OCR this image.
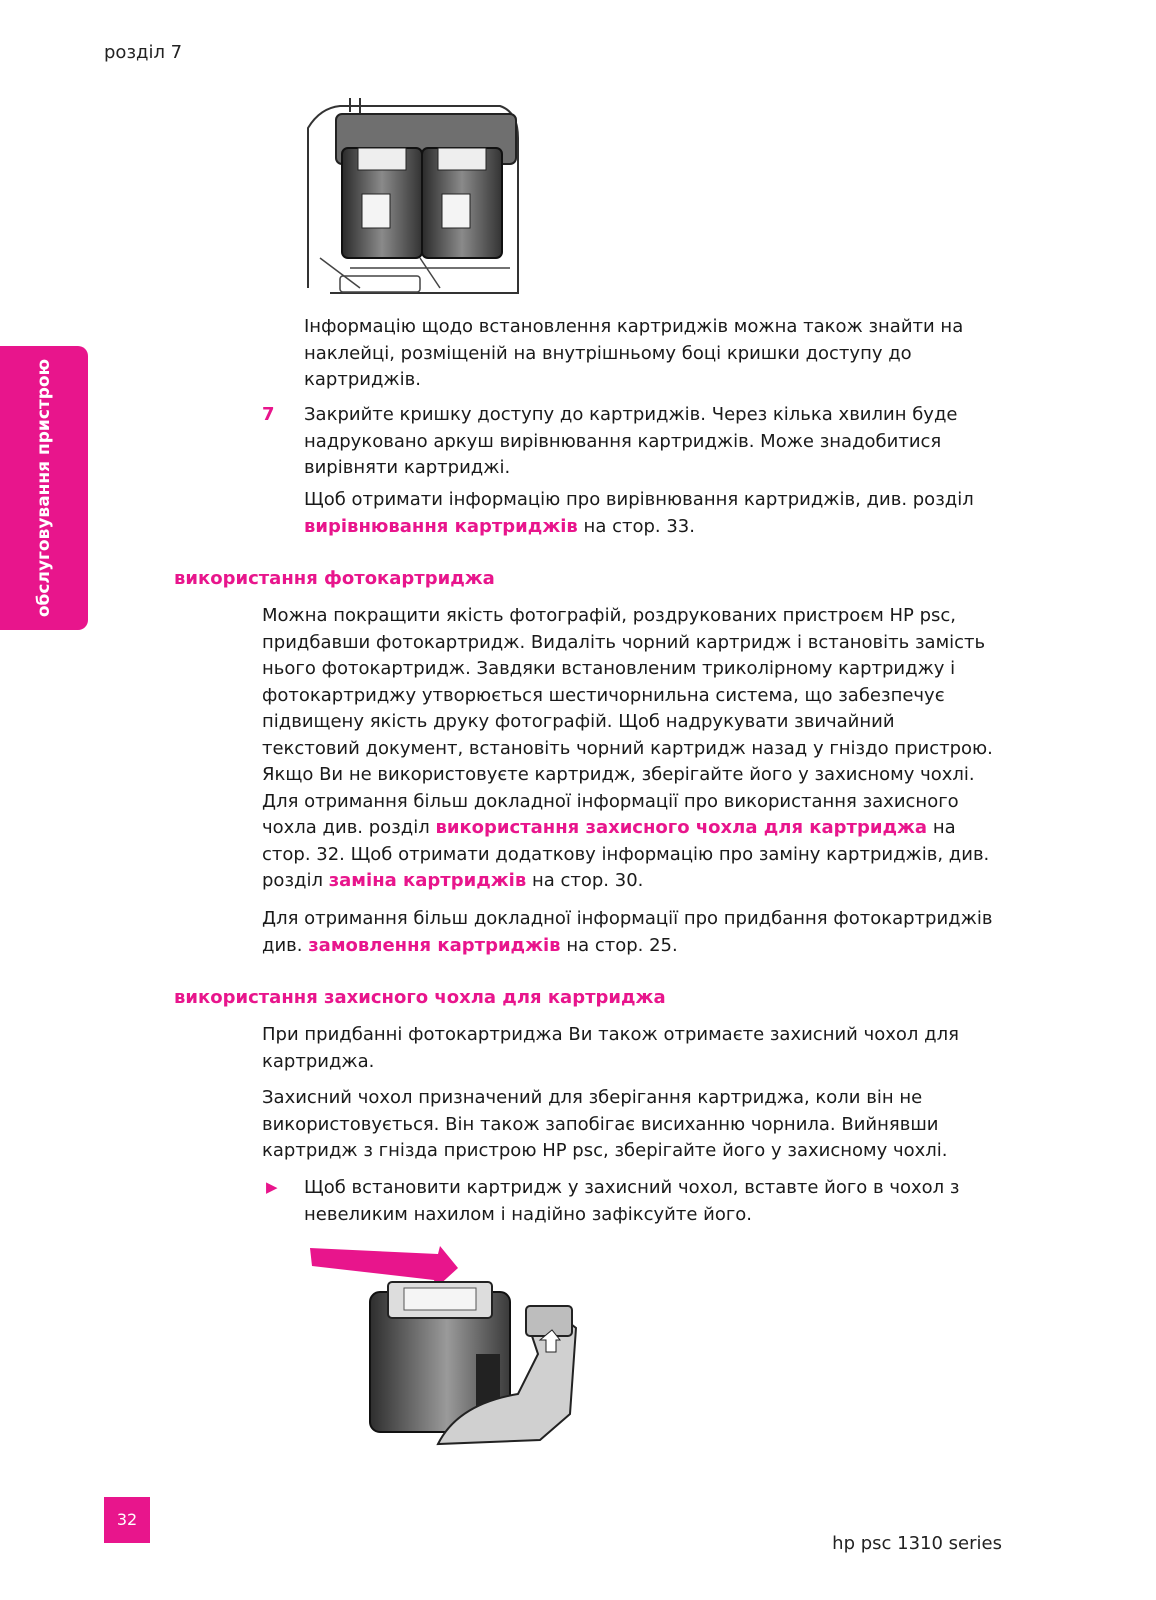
розділ 7
обслуговування пристрою

Інформацію щодо встановлення картриджів можна також знайти на наклейці, розміщеній на внутрішньому боці кришки доступу до картриджів.

7 Закрийте кришку доступу до картриджів. Через кілька хвилин буде надруковано аркуш вирівнювання картриджів. Може знадобитися вирівняти картриджі.

Щоб отримати інформацію про вирівнювання картриджів, див. розділ вирівнювання картриджів на стор. 33.

використання фотокартриджа

Можна покращити якість фотографій, роздрукованих пристроєм HP psc, придбавши фотокартридж. Видаліть чорний картридж і встановіть замість нього фотокартридж. Завдяки встановленим триколірному картриджу і фотокартриджу утворюється шестичорнильна система, що забезпечує підвищену якість друку фотографій. Щоб надрукувати звичайний текстовий документ, встановіть чорний картридж назад у гніздо пристрою. Якщо Ви не використовуєте картридж, зберігайте його у захисному чохлі. Для отримання більш докладної інформації про використання захисного чохла див. розділ використання захисного чохла для картриджа на стор. 32. Щоб отримати додаткову інформацію про заміну картриджів, див. розділ заміна картриджів на стор. 30.

Для отримання більш докладної інформації про придбання фотокартриджів див. замовлення картриджів на стор. 25.

використання захисного чохла для картриджа

При придбанні фотокартриджа Ви також отримаєте захисний чохол для картриджа.

Захисний чохол призначений для зберігання картриджа, коли він не використовується. Він також запобігає висиханню чорнила. Вийнявши картридж з гнізда пристрою HP psc, зберігайте його у захисному чохлі.

▶ Щоб встановити картридж у захисний чохол, вставте його в чохол з невеликим нахилом і надійно зафіксуйте його.

32
hp psc 1310 series
